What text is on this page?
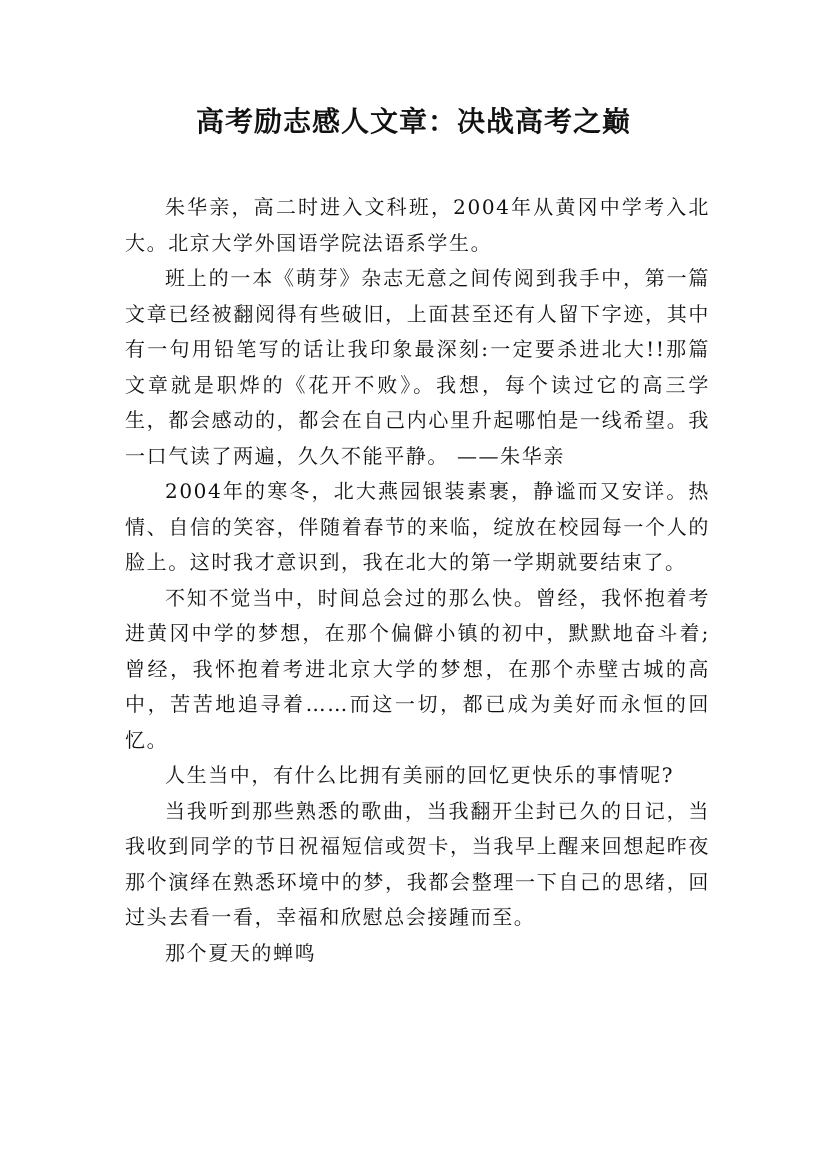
高考励志感人文章：决战高考之巅

朱华亲，高二时进入文科班，2004年从黄冈中学考入北大。北京大学外国语学院法语系学生。

班上的一本《萌芽》杂志无意之间传阅到我手中，第一篇文章已经被翻阅得有些破旧，上面甚至还有人留下字迹，其中有一句用铅笔写的话让我印象最深刻:一定要杀进北大!!那篇文章就是职烨的《花开不败》。我想，每个读过它的高三学生，都会感动的，都会在自己内心里升起哪怕是一线希望。我一口气读了两遍，久久不能平静。 ——朱华亲

2004年的寒冬，北大燕园银装素裹，静谧而又安详。热情、自信的笑容，伴随着春节的来临，绽放在校园每一个人的脸上。这时我才意识到，我在北大的第一学期就要结束了。

不知不觉当中，时间总会过的那么快。曾经，我怀抱着考进黄冈中学的梦想，在那个偏僻小镇的初中，默默地奋斗着;曾经，我怀抱着考进北京大学的梦想，在那个赤壁古城的高中，苦苦地追寻着……而这一切，都已成为美好而永恒的回忆。

人生当中，有什么比拥有美丽的回忆更快乐的事情呢?

当我听到那些熟悉的歌曲，当我翻开尘封已久的日记，当我收到同学的节日祝福短信或贺卡，当我早上醒来回想起昨夜那个演绎在熟悉环境中的梦，我都会整理一下自己的思绪，回过头去看一看，幸福和欣慰总会接踵而至。

那个夏天的蝉鸣
